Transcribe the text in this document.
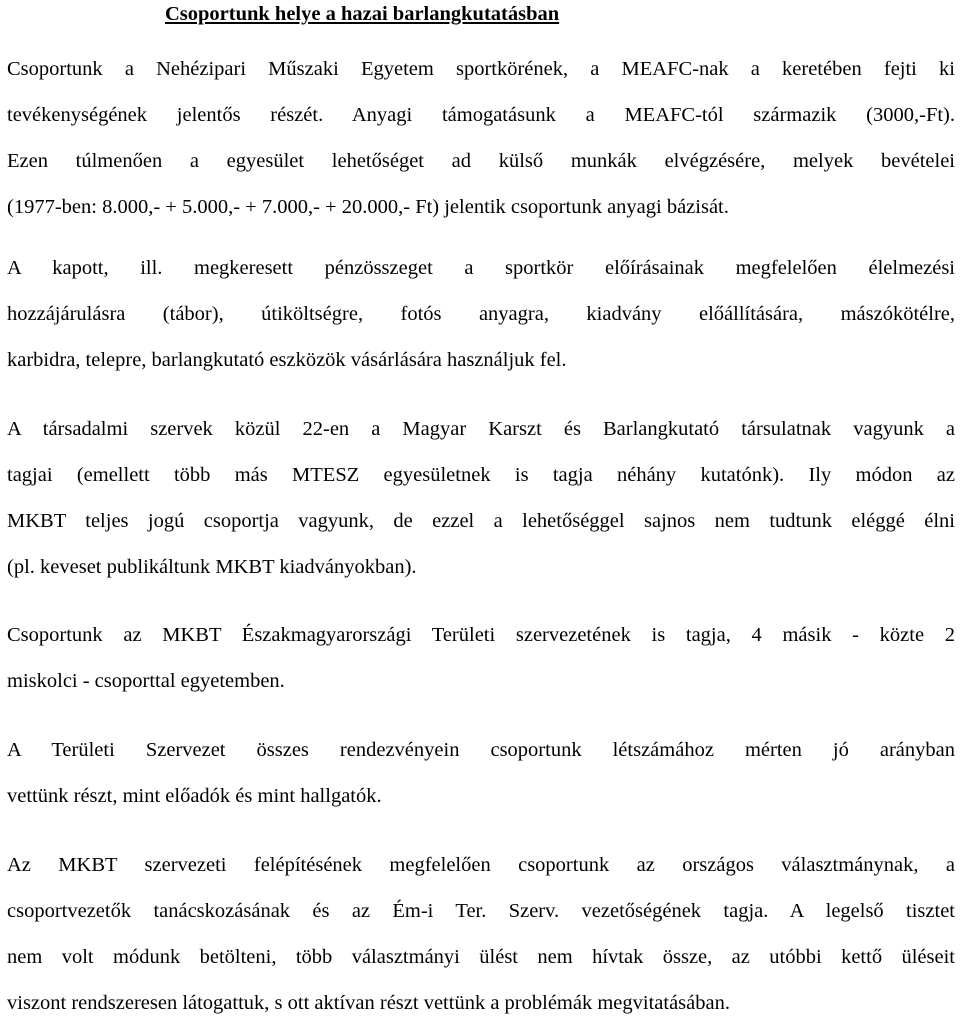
Csoportunk helye a hazai barlangkutatásban
Csoportunk a Nehézipari Műszaki Egyetem sportkörének, a MEAFC-nak a keretében fejti ki
tevékenységének jelentős részét. Anyagi támogatásunk a MEAFC-tól származik (3000,-Ft).
Ezen túlmenően a egyesület lehetőséget ad külső munkák elvégzésére, melyek bevételei
(1977-ben: 8.000,- + 5.000,- + 7.000,- + 20.000,- Ft) jelentik csoportunk anyagi bázisát.
A kapott, ill. megkeresett pénzösszeget a sportkör előírásainak megfelelően élelmezési
hozzájárulásra (tábor), útiköltségre, fotós anyagra, kiadvány előállítására, mászókötélre,
karbidra, telepre, barlangkutató eszközök vásárlására használjuk fel.
A társadalmi szervek közül 22-en a Magyar Karszt és Barlangkutató társulatnak vagyunk a
tagjai (emellett több más MTESZ egyesületnek is tagja néhány kutatónk). Ily módon az
MKBT teljes jogú csoportja vagyunk, de ezzel a lehetőséggel sajnos nem tudtunk eléggé élni
(pl. keveset publikáltunk MKBT kiadványokban).
Csoportunk az MKBT Északmagyarországi Területi szervezetének is tagja, 4 másik - közte 2
miskolci - csoporttal egyetemben.
A Területi Szervezet összes rendezvényein csoportunk létszámához mérten jó arányban
vettünk részt, mint előadók és mint hallgatók.
Az MKBT szervezeti felépítésének megfelelően csoportunk az országos választmánynak, a
csoportvezetők tanácskozásának és az Ém-i Ter. Szerv. vezetőségének tagja. A legelső tisztet
nem volt módunk betölteni, több választmányi ülést nem hívtak össze, az utóbbi kettő üléseit
viszont rendszeresen látogattuk, s ott aktívan részt vettünk a problémák megvitatásában.
